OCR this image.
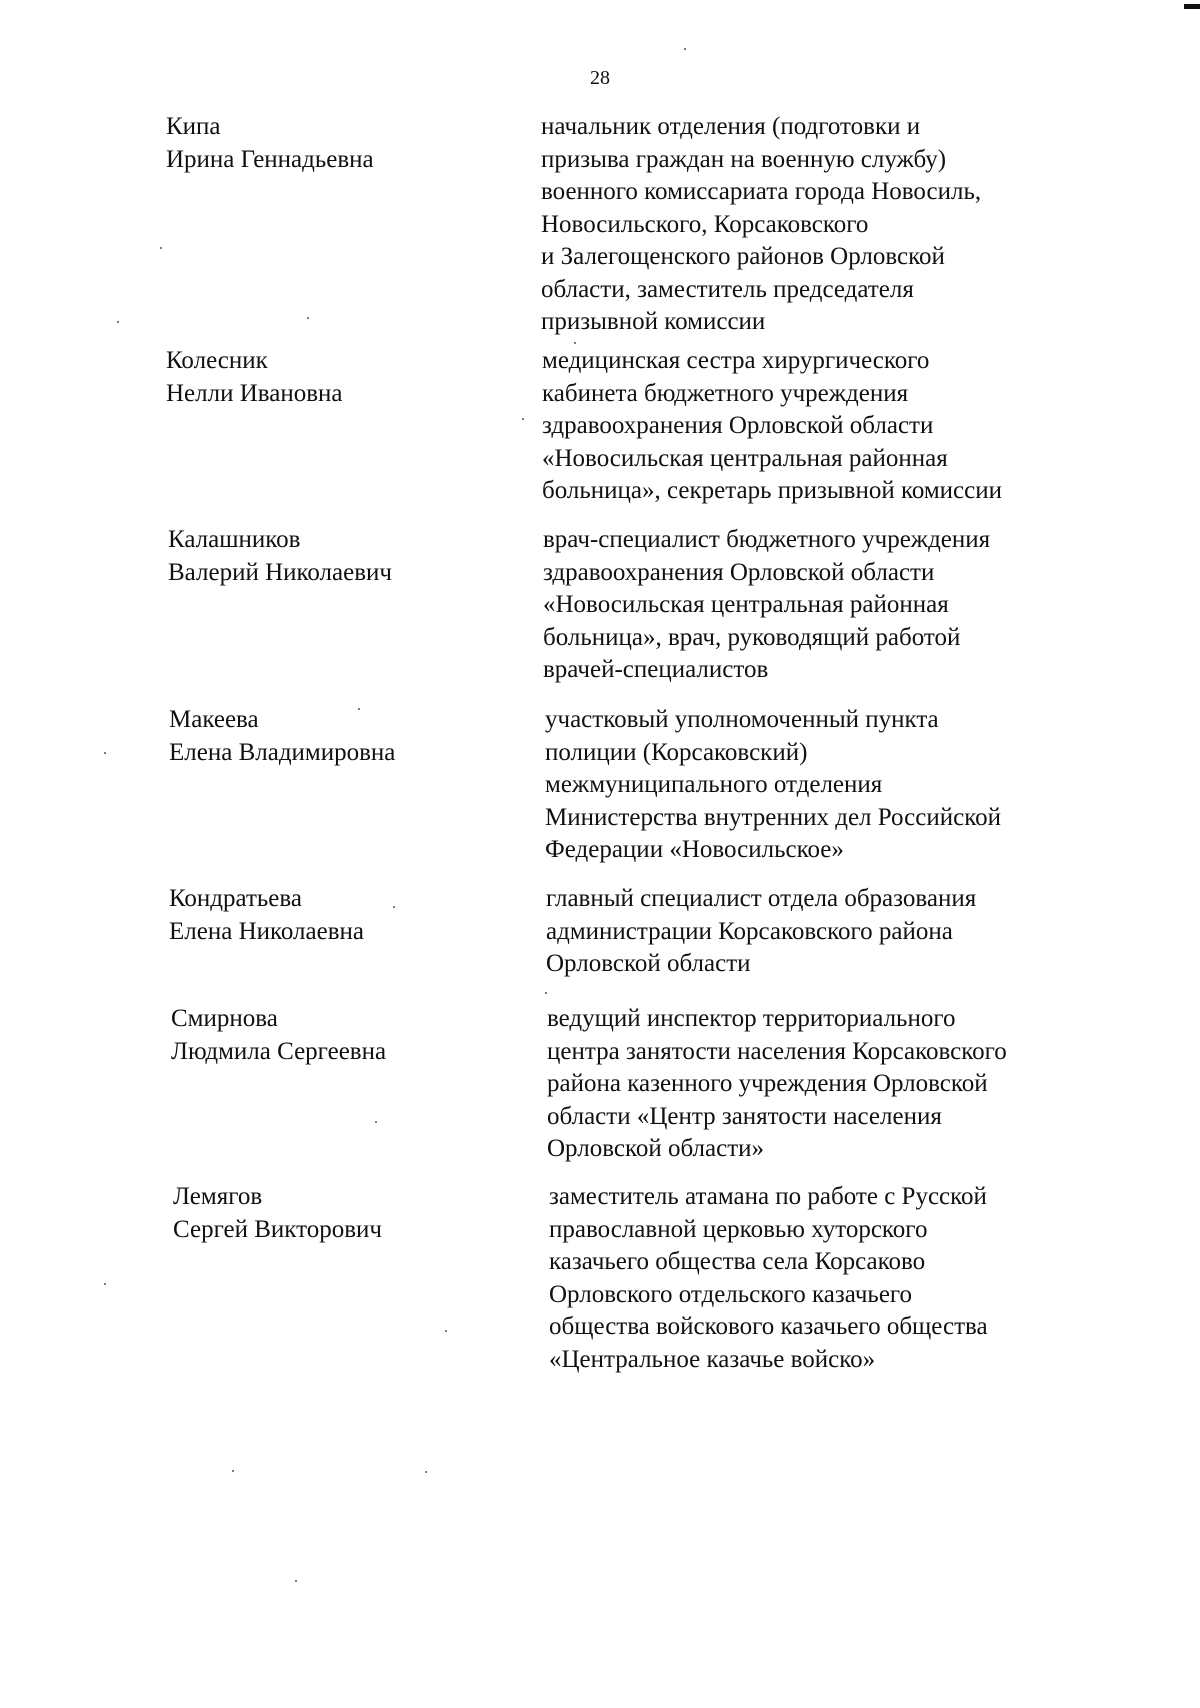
28
Кипа
Ирина Геннадьевна
начальник отделения (подготовки и
призыва граждан на военную службу)
военного комиссариата города Новосиль,
Новосильского, Корсаковского
и Залегощенского районов Орловской
области, заместитель председателя
призывной комиссии
Колесник
Нелли Ивановна
медицинская сестра хирургического
кабинета бюджетного учреждения
здравоохранения Орловской области
«Новосильская центральная районная
больница», секретарь призывной комиссии
Калашников
Валерий Николаевич
врач-специалист бюджетного учреждения
здравоохранения Орловской области
«Новосильская центральная районная
больница», врач, руководящий работой
врачей-специалистов
Макеева
Елена Владимировна
участковый уполномоченный пункта
полиции (Корсаковский)
межмуниципального отделения
Министерства внутренних дел Российской
Федерации «Новосильское»
Кондратьева
Елена Николаевна
главный специалист отдела образования
администрации Корсаковского района
Орловской области
Смирнова
Людмила Сергеевна
ведущий инспектор территориального
центра занятости населения Корсаковского
района казенного учреждения Орловской
области «Центр занятости населения
Орловской области»
Лемягов
Сергей Викторович
заместитель атамана по работе с Русской
православной церковью хуторского
казачьего общества села Корсаково
Орловского отдельского казачьего
общества войскового казачьего общества
«Центральное казачье войско»
